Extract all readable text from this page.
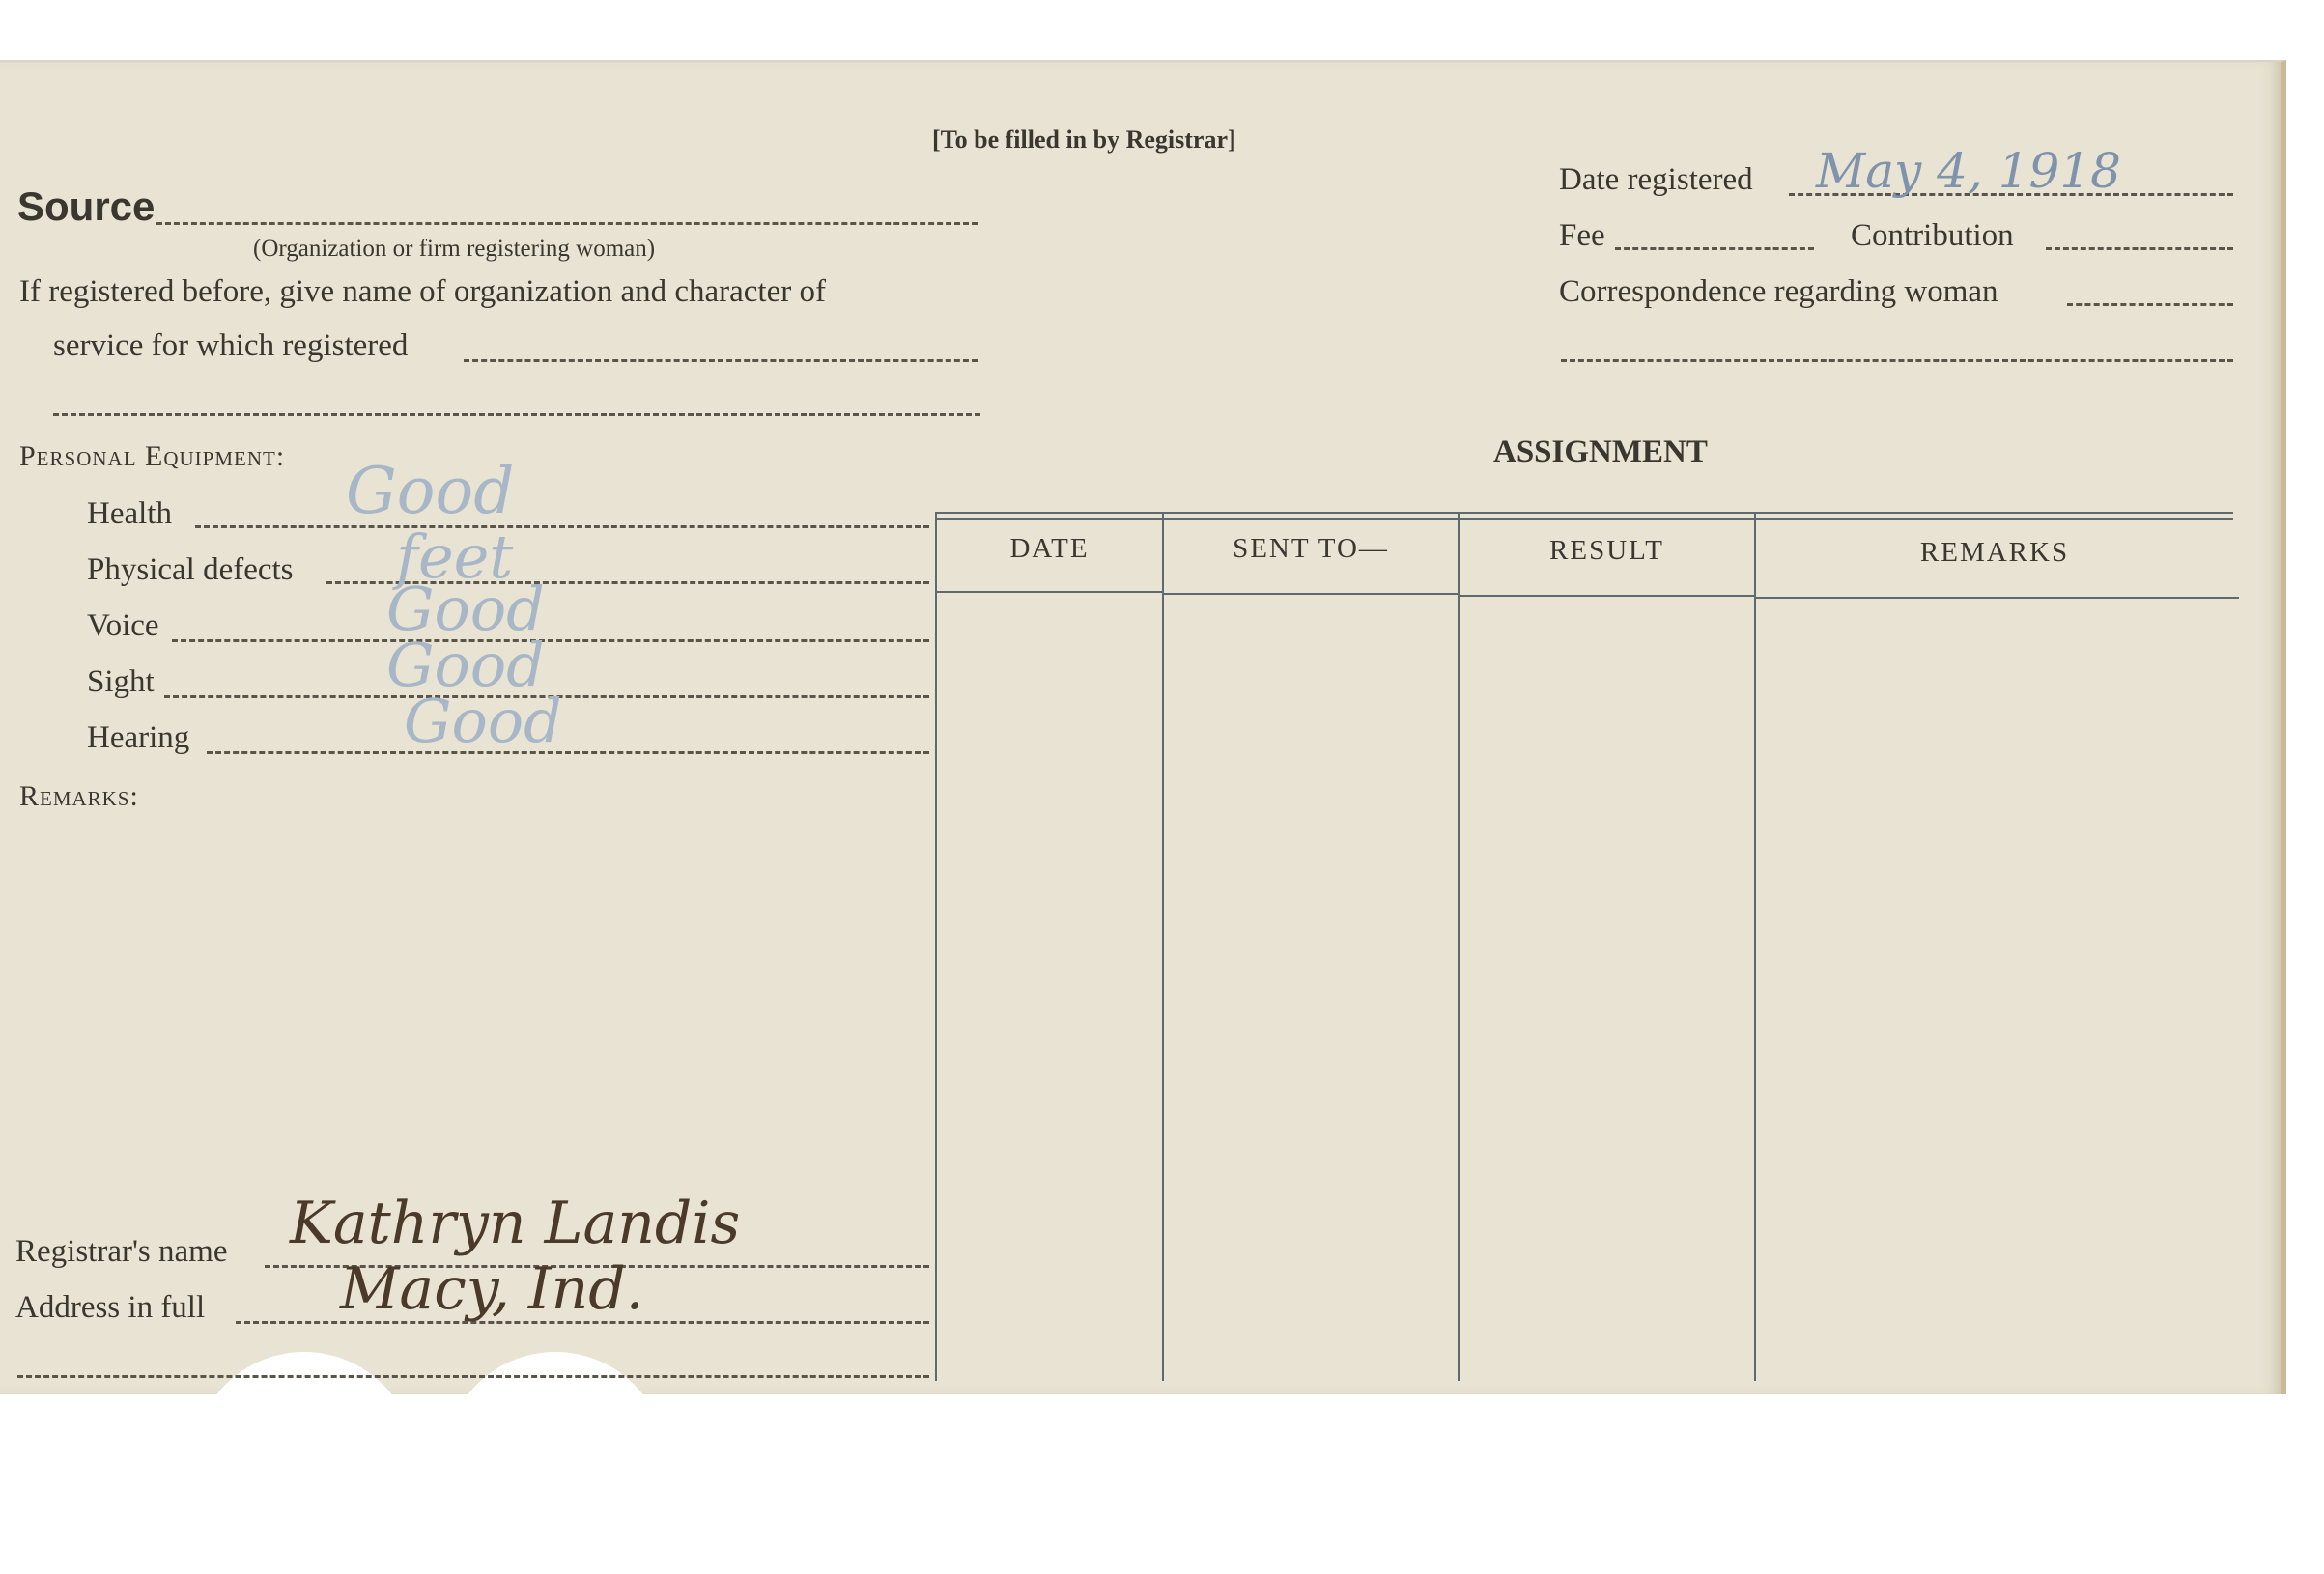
[To be filled in by Registrar]
Source
(Organization or firm registering woman)
If registered before, give name of organization and character of
service for which registered
Date registered May 4, 1918
Fee	Contribution
Correspondence regarding woman
Personal Equipment:
Health	Good
Physical defects feet
Voice	Good
Sight	Good
Hearing	Good
Remarks:
ASSIGNMENT
DATE	SENT TO—	RESULT	REMARKS
Registrar's name Kathryn Landis
Address in full Macy, Ind.
